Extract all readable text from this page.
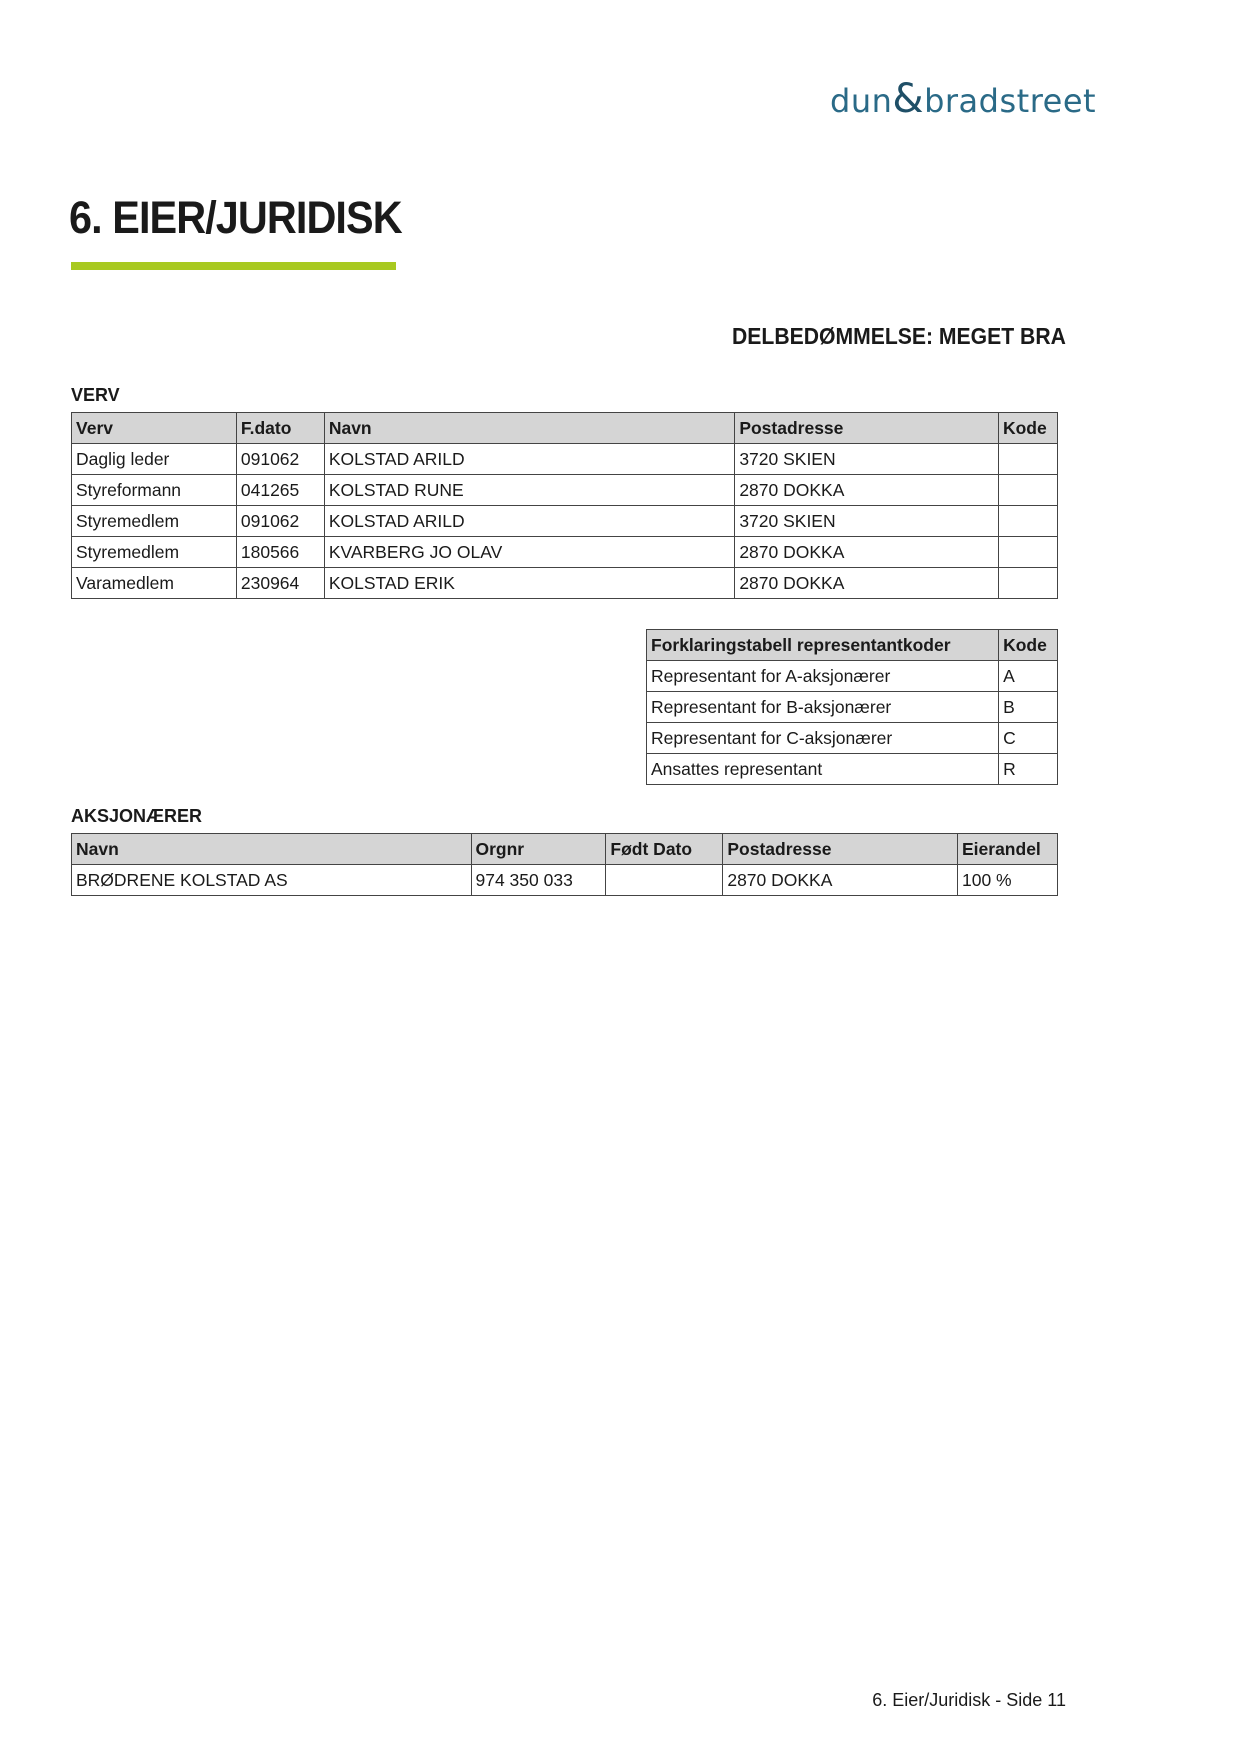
dun&bradstreet
6. EIER/JURIDISK
DELBEDØMMELSE: MEGET BRA
VERV
Verv	F.dato	Navn	Postadresse	Kode
Daglig leder	091062	KOLSTAD ARILD	3720 SKIEN	
Styreformann	041265	KOLSTAD RUNE	2870 DOKKA	
Styremedlem	091062	KOLSTAD ARILD	3720 SKIEN	
Styremedlem	180566	KVARBERG JO OLAV	2870 DOKKA	
Varamedlem	230964	KOLSTAD ERIK	2870 DOKKA	
Forklaringstabell representantkoder	Kode
Representant for A-aksjonærer	A
Representant for B-aksjonærer	B
Representant for C-aksjonærer	C
Ansattes representant	R
AKSJONÆRER
Navn	Orgnr	Født Dato	Postadresse	Eierandel
BRØDRENE KOLSTAD AS	974 350 033		2870 DOKKA	100 %
6. Eier/Juridisk - Side 11
